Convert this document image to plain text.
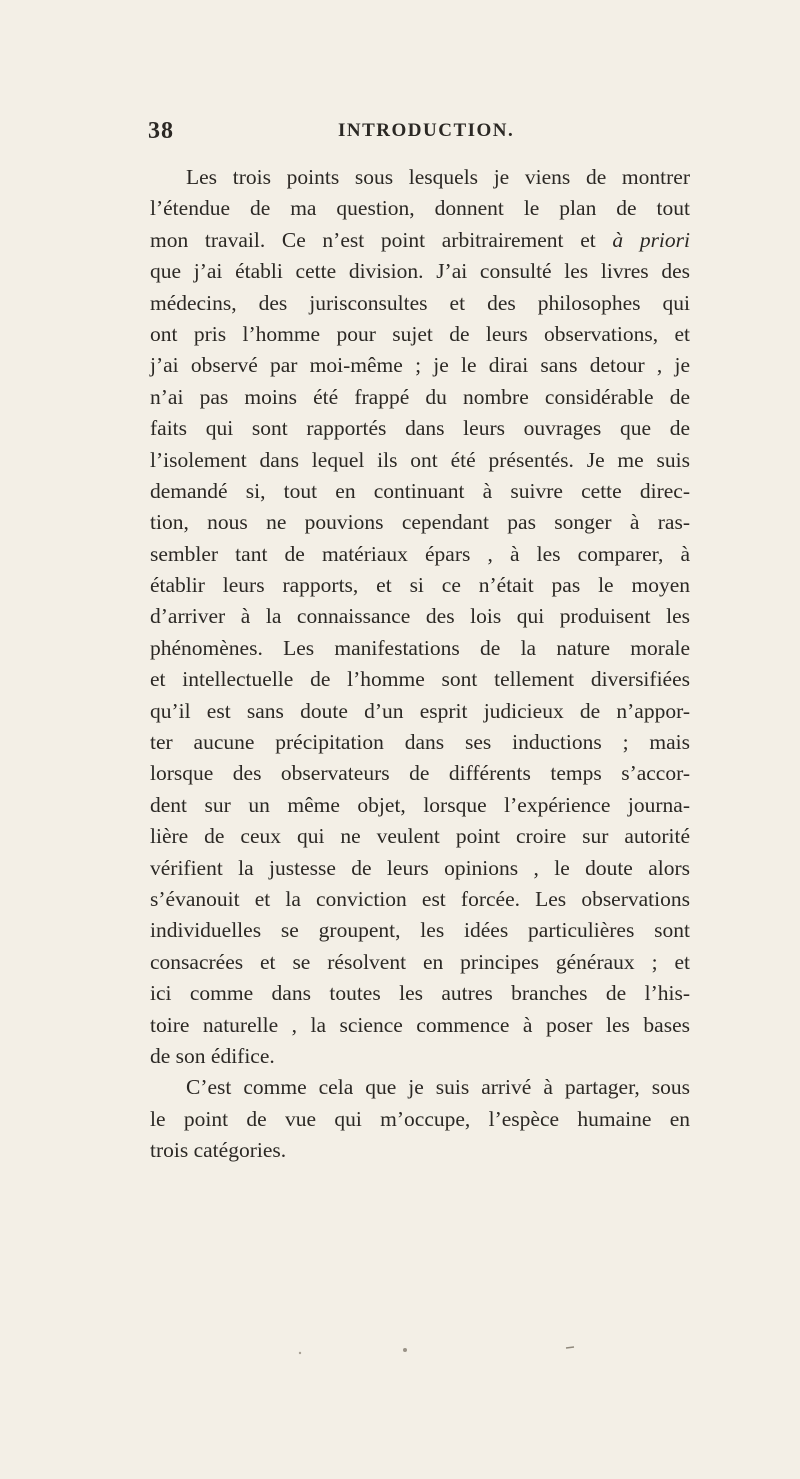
38	INTRODUCTION.
Les trois points sous lesquels je viens de montrer
l’étendue de ma question, donnent le plan de tout
mon travail. Ce n’est point arbitrairement et à priori
que j’ai établi cette division. J’ai consulté les livres des
médecins, des jurisconsultes et des philosophes qui
ont pris l’homme pour sujet de leurs observations, et
j’ai observé par moi-même ; je le dirai sans detour , je
n’ai pas moins été frappé du nombre considérable de
faits qui sont rapportés dans leurs ouvrages que de
l’isolement dans lequel ils ont été présentés. Je me suis
demandé si, tout en continuant à suivre cette direc-
tion, nous ne pouvions cependant pas songer à ras-
sembler tant de matériaux épars , à les comparer, à
établir leurs rapports, et si ce n’était pas le moyen
d’arriver à la connaissance des lois qui produisent les
phénomènes. Les manifestations de la nature morale
et intellectuelle de l’homme sont tellement diversifiées
qu’il est sans doute d’un esprit judicieux de n’appor-
ter aucune précipitation dans ses inductions ; mais
lorsque des observateurs de différents temps s’accor-
dent sur un même objet, lorsque l’expérience journa-
lière de ceux qui ne veulent point croire sur autorité
vérifient la justesse de leurs opinions , le doute alors
s’évanouit et la conviction est forcée. Les observations
individuelles se groupent, les idées particulières sont
consacrées et se résolvent en principes généraux ; et
ici comme dans toutes les autres branches de l’his-
toire naturelle , la science commence à poser les bases
de son édifice.
C’est comme cela que je suis arrivé à partager, sous
le point de vue qui m’occupe, l’espèce humaine en
trois catégories.
